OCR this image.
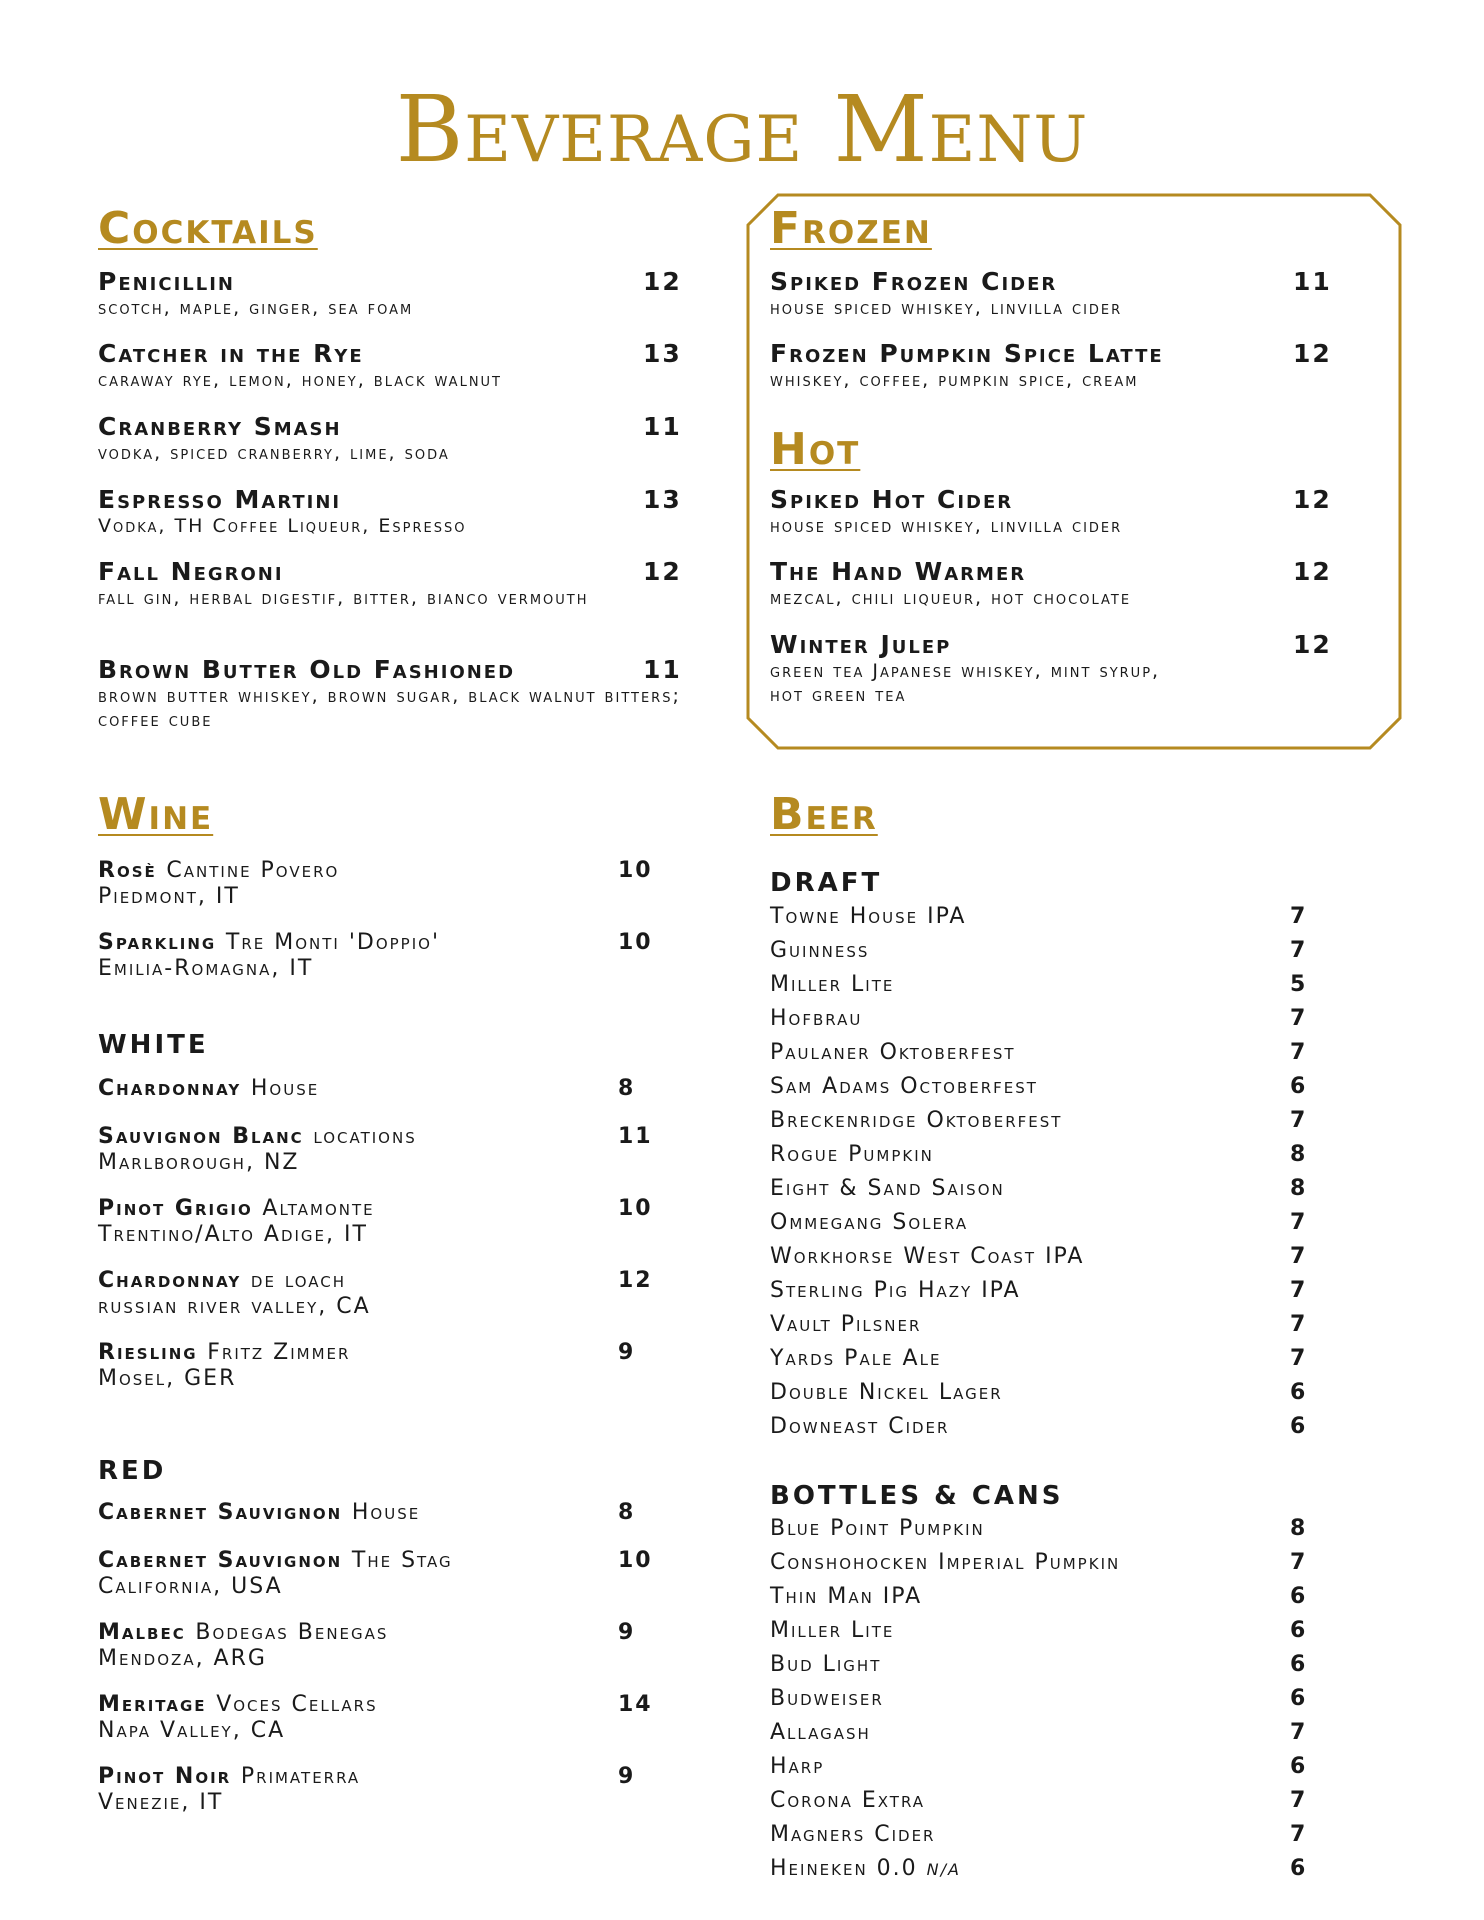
Beverage Menu
Cocktails	Frozen
Hot
Wine	Beer
Penicillin	12
scotch, maple, ginger, sea foam
Catcher in the Rye	13
caraway rye, lemon, honey, black walnut
Cranberry Smash	11
vodka, spiced cranberry, lime, soda
Espresso Martini	13
Vodka, TH Coffee Liqueur, Espresso
Fall Negroni	12
fall gin, herbal digestif, bitter, bianco vermouth
Brown Butter Old Fashioned	11
brown butter whiskey, brown sugar, black walnut bitters; coffee cube
Spiked Frozen Cider	11
house spiced whiskey, linvilla cider
Frozen Pumpkin Spice Latte	12
whiskey, coffee, pumpkin spice, cream
Spiked Hot Cider	12
house spiced whiskey, linvilla cider
The Hand Warmer	12
mezcal, chili liqueur, hot chocolate
Winter Julep	12
green tea Japanese whiskey, mint syrup, hot green tea
Rosè Cantine Povero	10
Piedmont, IT
Sparkling Tre Monti 'Doppio'	10
Emilia-Romagna, IT
WHITE
Chardonnay House	8
Sauvignon Blanc locations	11
Marlborough, NZ
Pinot Grigio Altamonte	10
Trentino/Alto Adige, IT
Chardonnay de loach	12
russian river valley, CA
Riesling Fritz Zimmer	9
Mosel, GER
RED
Cabernet Sauvignon House	8
Cabernet Sauvignon The Stag	10
California, USA
Malbec Bodegas Benegas	9
Mendoza, ARG
Meritage Voces Cellars	14
Napa Valley, CA
Pinot Noir Primaterra	9
Venezie, IT
DRAFT
Towne House IPA	7
Guinness	7
Miller Lite	5
Hofbrau	7
Paulaner Oktoberfest	7
Sam Adams Octoberfest	6
Breckenridge Oktoberfest	7
Rogue Pumpkin	8
Eight & Sand Saison	8
Ommegang Solera	7
Workhorse West Coast IPA	7
Sterling Pig Hazy IPA	7
Vault Pilsner	7
Yards Pale Ale	7
Double Nickel Lager	6
Downeast Cider	6
BOTTLES & CANS
Blue Point Pumpkin	8
Conshohocken Imperial Pumpkin	7
Thin Man IPA	6
Miller Lite	6
Bud Light	6
Budweiser	6
Allagash	7
Harp	6
Corona Extra	7
Magners Cider	7
Heineken 0.0 N/A	6
